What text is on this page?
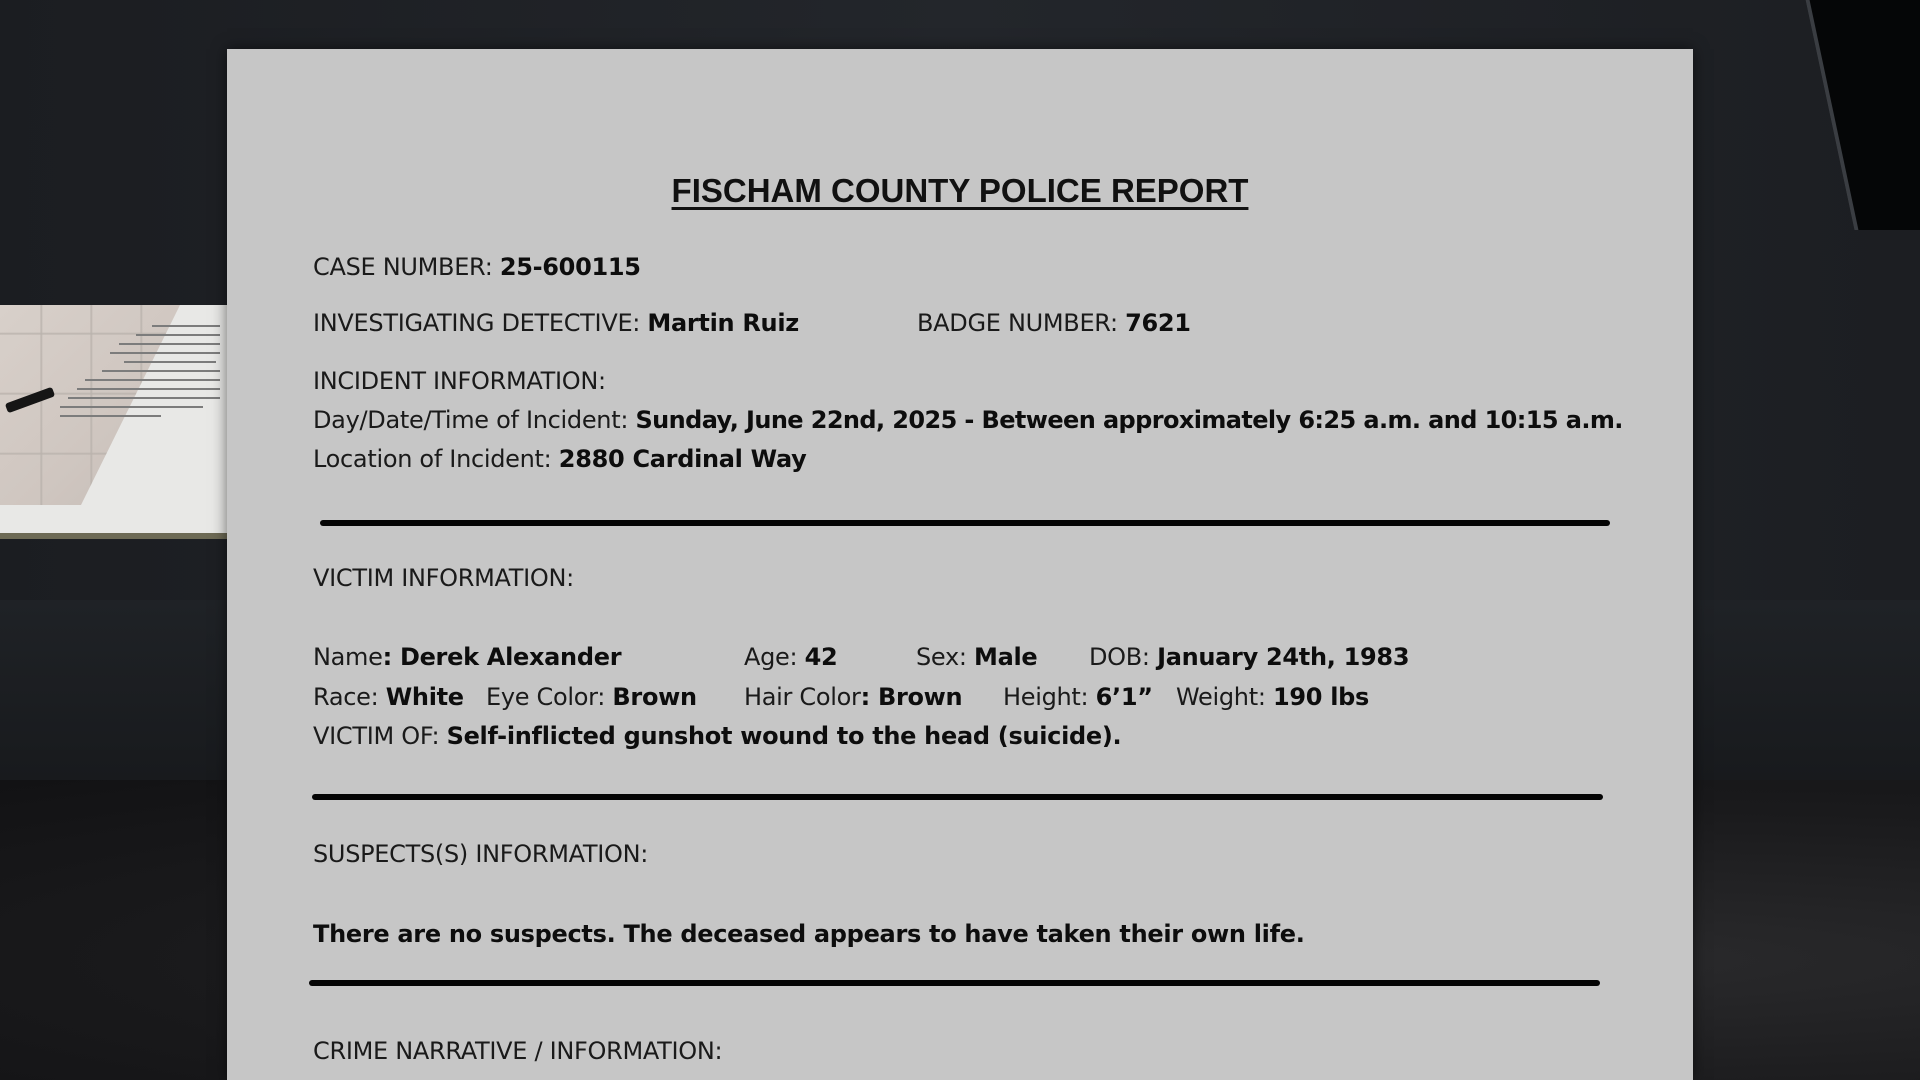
FISCHAM COUNTY POLICE REPORT
CASE NUMBER: 25-600115
INVESTIGATING DETECTIVE: Martin Ruiz	BADGE NUMBER: 7621
INCIDENT INFORMATION:
Day/Date/Time of Incident: Sunday, June 22nd, 2025 - Between approximately 6:25 a.m. and 10:15 a.m.
Location of Incident: 2880 Cardinal Way
VICTIM INFORMATION:
Name: Derek Alexander	Age: 42	Sex: Male DOB: January 24th, 1983
Race: White Eye Color: Brown Hair Color: Brown Height: 6’1” Weight: 190 lbs
VICTIM OF: Self-inflicted gunshot wound to the head (suicide).
SUSPECTS(S) INFORMATION:
There are no suspects. The deceased appears to have taken their own life.
CRIME NARRATIVE / INFORMATION:
